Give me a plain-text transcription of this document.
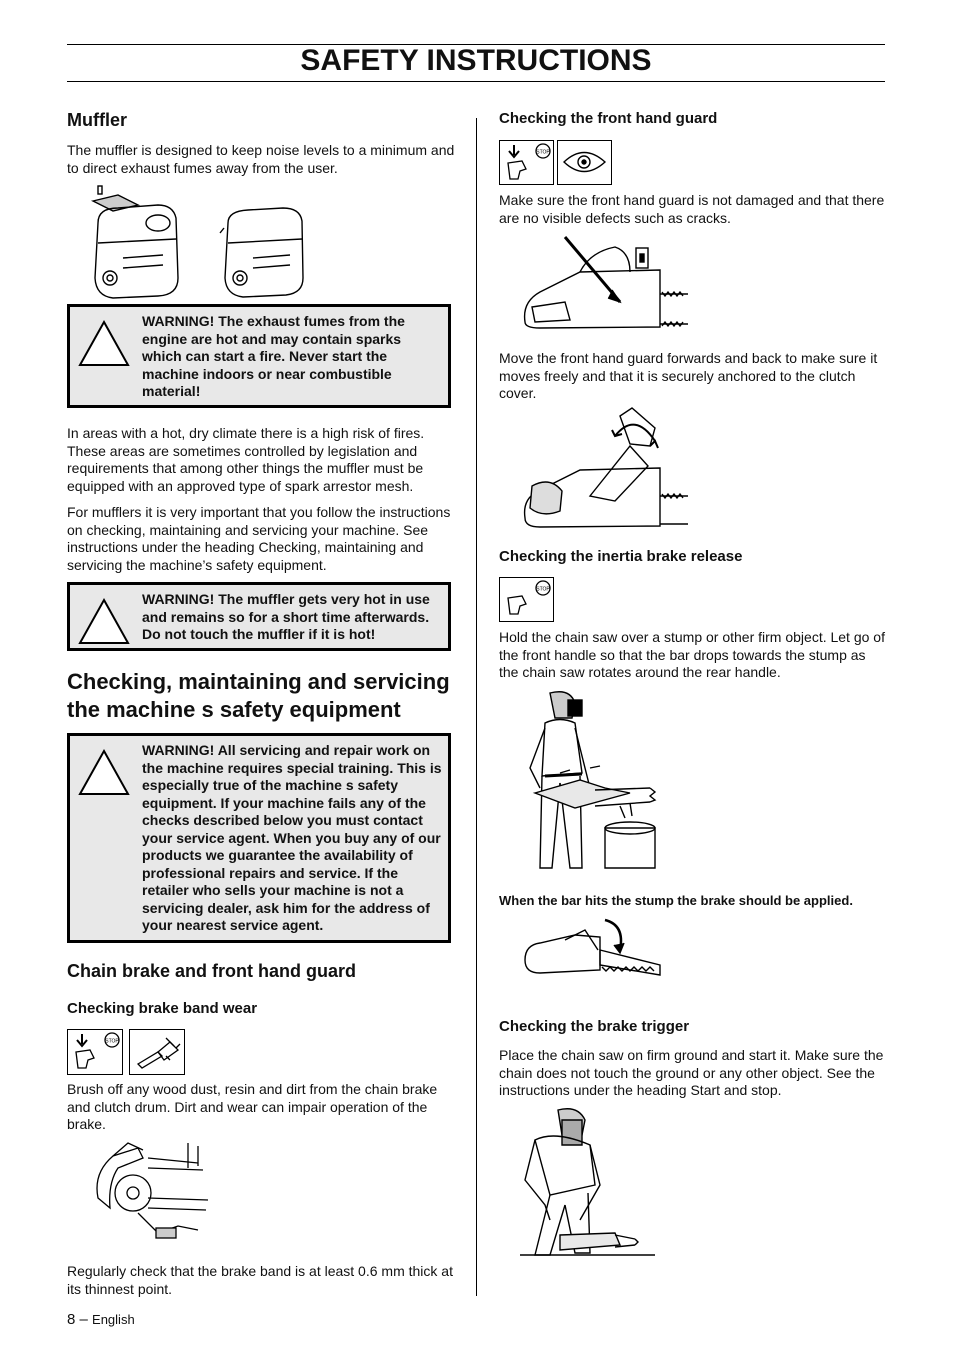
SAFETY INSTRUCTIONS
Muffler
The muffler is designed to keep noise levels to a minimum and to direct exhaust fumes away from the user.
WARNING! The exhaust fumes from the engine are hot and may contain sparks which can start a fire. Never start the machine indoors or near combustible material!
In areas with a hot, dry climate there is a high risk of fires. These areas are sometimes controlled by legislation and requirements that among other things the muffler must be equipped with an approved type of spark arrestor mesh.
For mufflers it is very important that you follow the instructions on checking, maintaining and servicing your machine. See instructions under the heading Checking, maintaining and servicing the machine’s safety equipment.
WARNING! The muffler gets very hot in use and remains so for a short time afterwards. Do not touch the muffler if it is hot!
Checking, maintaining and servicing
the machine s safety equipment
WARNING! All servicing and repair work on the machine requires special training. This is especially true of the machine s safety equipment. If your machine fails any of the checks described below you must contact your service agent. When you buy any of our products we guarantee the availability of professional repairs and service. If the retailer who sells your machine is not a servicing dealer, ask him for the address of your nearest service agent.
Chain brake and front hand guard
Checking brake band wear
STOP
Brush off any wood dust, resin and dirt from the chain brake and clutch drum. Dirt and wear can impair operation of the brake.
Regularly check that the brake band is at least 0.6 mm thick at its thinnest point.
8 – English
Checking the front hand guard
STOP
Make sure the front hand guard is not damaged and that there are no visible defects such as cracks.
Move the front hand guard forwards and back to make sure it moves freely and that it is securely anchored to the clutch cover.
Checking the inertia brake release
STOP
Hold the chain saw over a stump or other firm object. Let go of the front handle so that the bar drops towards the stump as the chain saw rotates around the rear handle.
When the bar hits the stump the brake should be applied.
Checking the brake trigger
Place the chain saw on firm ground and start it. Make sure the chain does not touch the ground or any other object. See the instructions under the heading Start and stop.
